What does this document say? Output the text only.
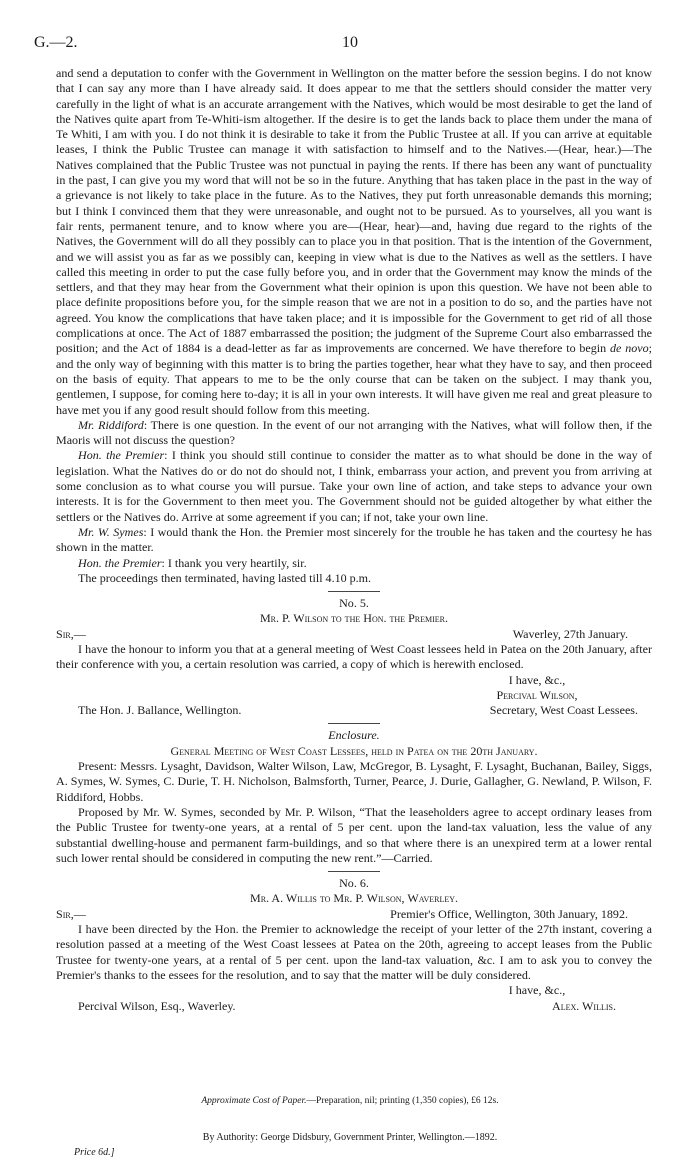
G.—2.	10

and send a deputation to confer with the Government in Wellington on the matter before the session begins. I do not know that I can say any more than I have already said. It does appear to me that the settlers should consider the matter very carefully in the light of what is an accurate arrangement with the Natives, which would be most desirable to get the land of the Natives quite apart from Te-Whiti-ism altogether. If the desire is to get the lands back to place them under the mana of Te Whiti, I am with you. I do not think it is desirable to take it from the Public Trustee at all. If you can arrive at equitable leases, I think the Public Trustee can manage it with satisfaction to himself and to the Natives.—(Hear, hear.)—The Natives complained that the Public Trustee was not punctual in paying the rents. If there has been any want of punctuality in the past, I can give you my word that will not be so in the future. Anything that has taken place in the past in the way of a grievance is not likely to take place in the future. As to the Natives, they put forth unreasonable demands this morning; but I think I convinced them that they were unreasonable, and ought not to be pursued. As to yourselves, all you want is fair rents, permanent tenure, and to know where you are—(Hear, hear)—and, having due regard to the rights of the Natives, the Government will do all they possibly can to place you in that position. That is the intention of the Government, and we will assist you as far as we possibly can, keeping in view what is due to the Natives as well as the settlers. I have called this meeting in order to put the case fully before you, and in order that the Government may know the minds of the settlers, and that they may hear from the Government what their opinion is upon this question. We have not been able to place definite propositions before you, for the simple reason that we are not in a position to do so, and the parties have not agreed. You know the complications that have taken place; and it is impossible for the Government to get rid of all those complications at once. The Act of 1887 embarrassed the position; the judgment of the Supreme Court also embarrassed the position; and the Act of 1884 is a dead-letter as far as improvements are concerned. We have therefore to begin de novo; and the only way of beginning with this matter is to bring the parties together, hear what they have to say, and then proceed on the basis of equity. That appears to me to be the only course that can be taken on the subject. I may thank you, gentlemen, I suppose, for coming here to-day; it is all in your own interests. It will have given me real and great pleasure to have met you if any good result should follow from this meeting.

Mr. Riddiford: There is one question. In the event of our not arranging with the Natives, what will follow then, if the Maoris will not discuss the question?

Hon. the Premier: I think you should still continue to consider the matter as to what should be done in the way of legislation. What the Natives do or do not do should not, I think, embarrass your action, and prevent you from arriving at some conclusion as to what course you will pursue. Take your own line of action, and take steps to advance your own interests. It is for the Government to then meet you. The Government should not be guided altogether by what either the settlers or the Natives do. Arrive at some agreement if you can; if not, take your own line.

Mr. W. Symes: I would thank the Hon. the Premier most sincerely for the trouble he has taken and the courtesy he has shown in the matter.

Hon. the Premier: I thank you very heartily, sir.

The proceedings then terminated, having lasted till 4.10 p.m.

No. 5.

Mr. P. Wilson to the Hon. the Premier.

Sir,—	Waverley, 27th January.

I have the honour to inform you that at a general meeting of West Coast lessees held in Patea on the 20th January, after their conference with you, a certain resolution was carried, a copy of which is herewith enclosed.

I have, &c.,
Percival Wilson,
The Hon. J. Ballance, Wellington.	Secretary, West Coast Lessees.

Enclosure.

General Meeting of West Coast Lessees, held in Patea on the 20th January.

Present: Messrs. Lysaght, Davidson, Walter Wilson, Law, McGregor, B. Lysaght, F. Lysaght, Buchanan, Bailey, Siggs, A. Symes, W. Symes, C. Durie, T. H. Nicholson, Balmsforth, Turner, Pearce, J. Durie, Gallagher, G. Newland, P. Wilson, F. Riddiford, Hobbs.

Proposed by Mr. W. Symes, seconded by Mr. P. Wilson, “That the leaseholders agree to accept ordinary leases from the Public Trustee for twenty-one years, at a rental of 5 per cent. upon the land-tax valuation, less the value of any substantial dwelling-house and permanent farm-buildings, and so that where there is an unexpired term at a lower rental such lower rental should be considered in computing the new rent.”—Carried.

No. 6.

Mr. A. Willis to Mr. P. Wilson, Waverley.

Sir,—	Premier's Office, Wellington, 30th January, 1892.

I have been directed by the Hon. the Premier to acknowledge the receipt of your letter of the 27th instant, covering a resolution passed at a meeting of the West Coast lessees at Patea on the 20th, agreeing to accept leases from the Public Trustee for twenty-one years, at a rental of 5 per cent. upon the land-tax valuation, &c. I am to ask you to convey the Premier's thanks to the essees for the resolution, and to say that the matter will be duly considered.

I have, &c.,
Percival Wilson, Esq., Waverley.	Alex. Willis.
Approximate Cost of Paper.—Preparation, nil; printing (1,350 copies), £6 12s.
By Authority: George Didsbury, Government Printer, Wellington.—1892.
Price 6d.]
